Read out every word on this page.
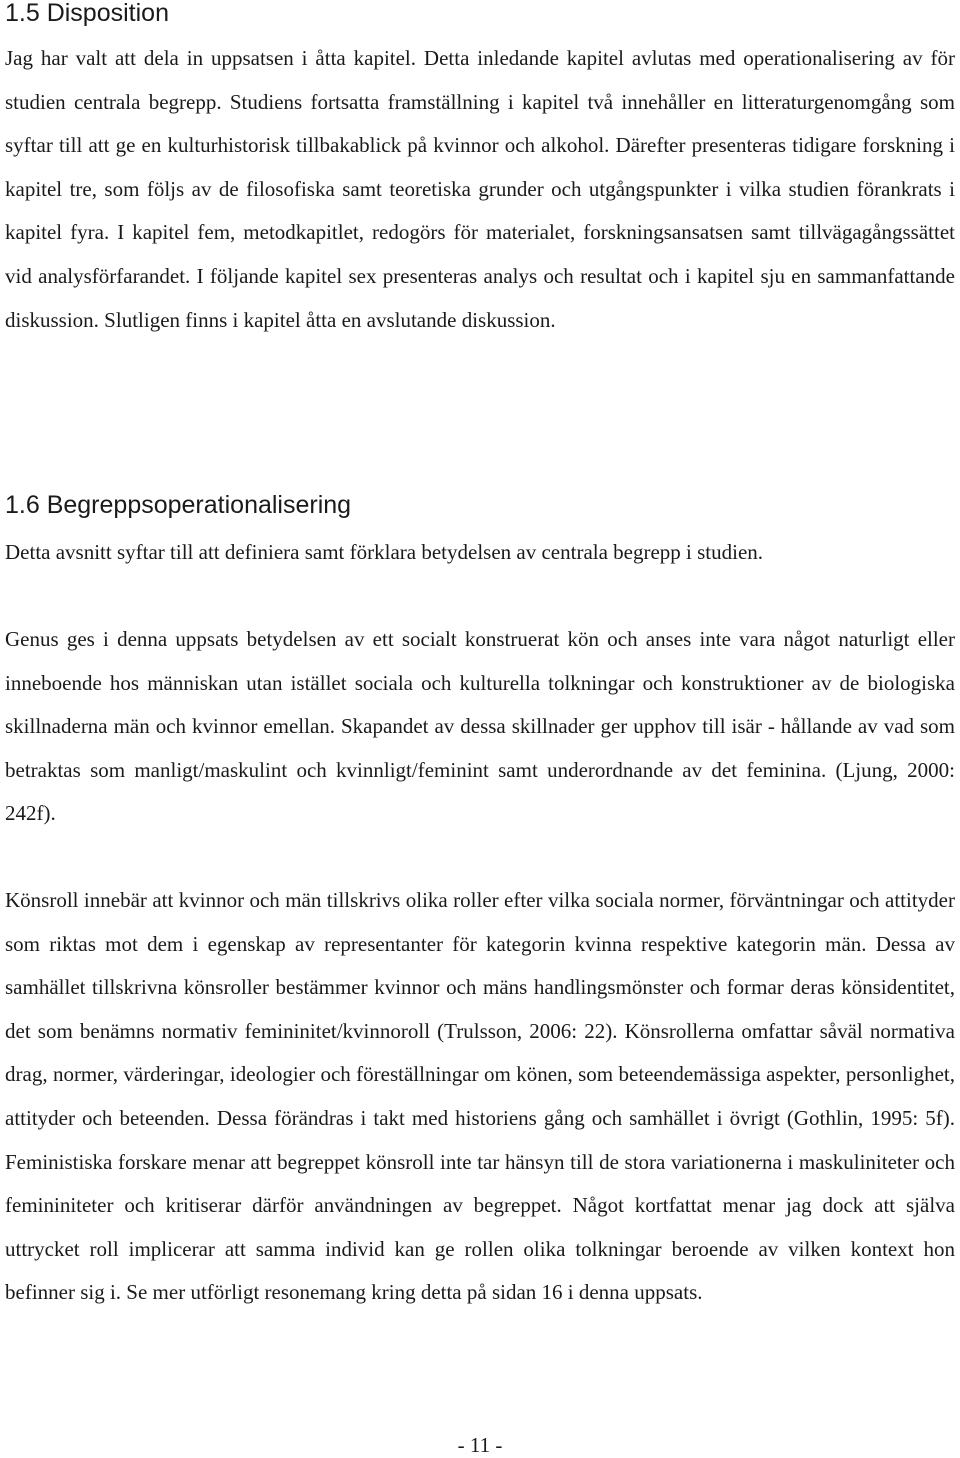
1.5 Disposition

Jag har valt att dela in uppsatsen i åtta kapitel. Detta inledande kapitel avlutas med operationalisering av för studien centrala begrepp. Studiens fortsatta framställning i kapitel två innehåller en litteraturgenomgång som syftar till att ge en kulturhistorisk tillbakablick på kvinnor och alkohol. Därefter presenteras tidigare forskning i kapitel tre, som följs av de filosofiska samt teoretiska grunder och utgångspunkter i vilka studien förankrats i kapitel fyra. I kapitel fem, metodkapitlet, redogörs för materialet, forskningsansatsen samt tillvägagångssättet vid analysförfarandet. I följande kapitel sex presenteras analys och resultat och i kapitel sju en sammanfattande diskussion. Slutligen finns i kapitel åtta en avslutande diskussion.

1.6 Begreppsoperationalisering

Detta avsnitt syftar till att definiera samt förklara betydelsen av centrala begrepp i studien.

Genus ges i denna uppsats betydelsen av ett socialt konstruerat kön och anses inte vara något naturligt eller inneboende hos människan utan istället sociala och kulturella tolkningar och konstruktioner av de biologiska skillnaderna män och kvinnor emellan. Skapandet av dessa skillnader ger upphov till isär - hållande av vad som betraktas som manligt/maskulint och kvinnligt/feminint samt underordnande av det feminina. (Ljung, 2000: 242f).

Könsroll innebär att kvinnor och män tillskrivs olika roller efter vilka sociala normer, förväntningar och attityder som riktas mot dem i egenskap av representanter för kategorin kvinna respektive kategorin män. Dessa av samhället tillskrivna könsroller bestämmer kvinnor och mäns handlingsmönster och formar deras könsidentitet, det som benämns normativ femininitet/kvinnoroll (Trulsson, 2006: 22). Könsrollerna omfattar såväl normativa drag, normer, värderingar, ideologier och föreställningar om könen, som beteendemässiga aspekter, personlighet, attityder och beteenden. Dessa förändras i takt med historiens gång och samhället i övrigt (Gothlin, 1995: 5f). Feministiska forskare menar att begreppet könsroll inte tar hänsyn till de stora variationerna i maskuliniteter och femininiteter och kritiserar därför användningen av begreppet. Något kortfattat menar jag dock att själva uttrycket roll implicerar att samma individ kan ge rollen olika tolkningar beroende av vilken kontext hon befinner sig i. Se mer utförligt resonemang kring detta på sidan 16 i denna uppsats.

- 11 -
